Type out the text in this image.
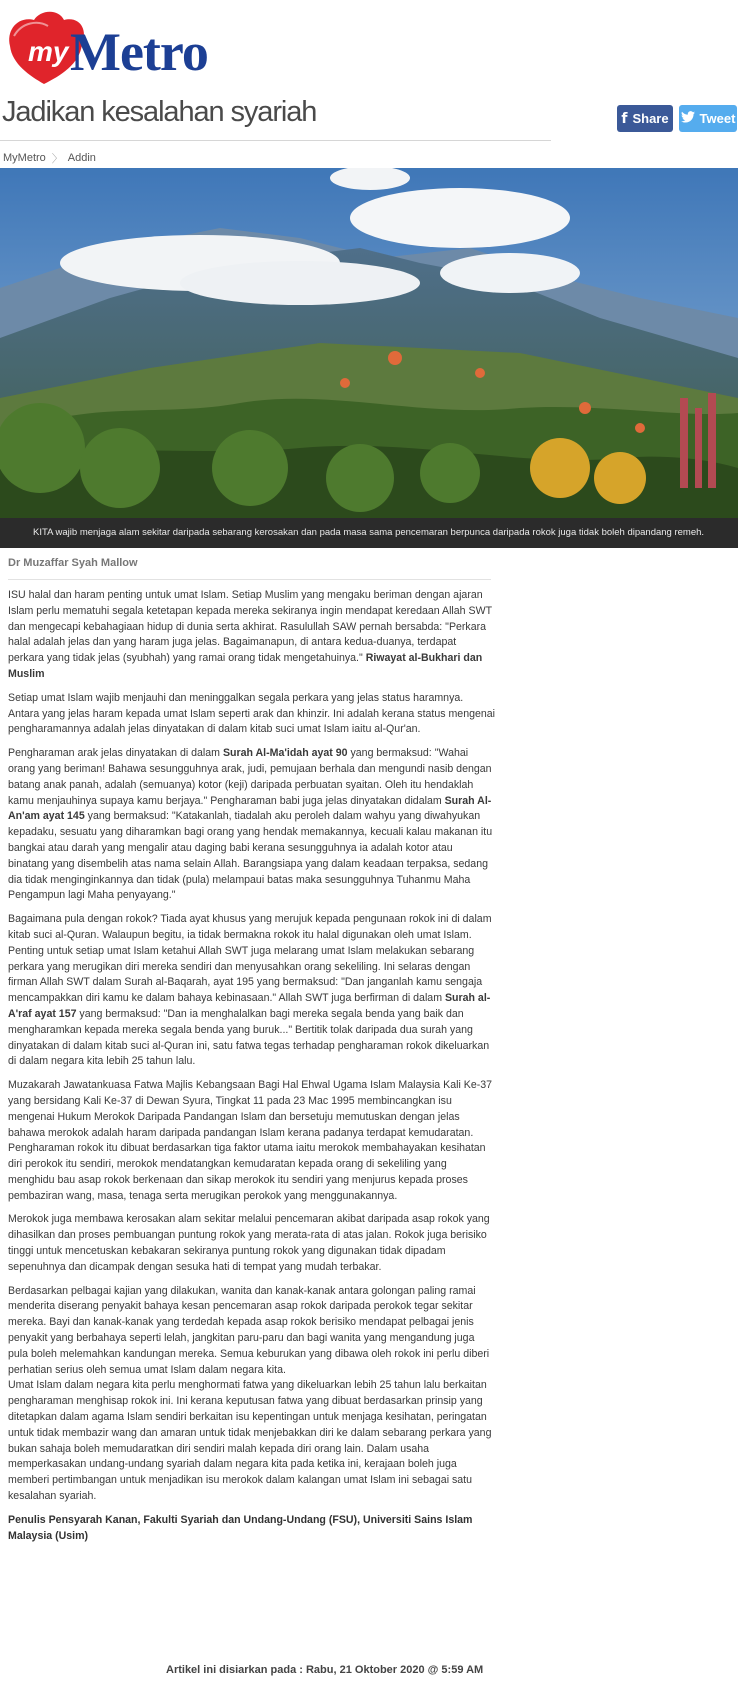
my Metro
Jadikan kesalahan syariah	f Share Tweet
MyMetro 〉 Addin
KITA wajib menjaga alam sekitar daripada sebarang kerosakan dan pada masa sama pencemaran berpunca daripada rokok juga tidak boleh dipandang remeh.
Dr Muzaffar Syah Mallow

ISU halal dan haram penting untuk umat Islam. Setiap Muslim yang mengaku beriman dengan ajaran Islam perlu mematuhi segala ketetapan kepada mereka sekiranya ingin mendapat keredaan Allah SWT dan mengecapi kebahagiaan hidup di dunia serta akhirat. Rasulullah SAW pernah bersabda: "Perkara halal adalah jelas dan yang haram juga jelas. Bagaimanapun, di antara kedua-duanya, terdapat perkara yang tidak jelas (syubhah) yang ramai orang tidak mengetahuinya." Riwayat al-Bukhari dan Muslim

Setiap umat Islam wajib menjauhi dan meninggalkan segala perkara yang jelas status haramnya. Antara yang jelas haram kepada umat Islam seperti arak dan khinzir. Ini adalah kerana status mengenai pengharamannya adalah jelas dinyatakan di dalam kitab suci umat Islam iaitu al-Qur'an.

Pengharaman arak jelas dinyatakan di dalam Surah Al-Ma'idah ayat 90 yang bermaksud: "Wahai orang yang beriman! Bahawa sesungguhnya arak, judi, pemujaan berhala dan mengundi nasib dengan batang anak panah, adalah (semuanya) kotor (keji) daripada perbuatan syaitan. Oleh itu hendaklah kamu menjauhinya supaya kamu berjaya." Pengharaman babi juga jelas dinyatakan didalam Surah Al-An'am ayat 145 yang bermaksud: "Katakanlah, tiadalah aku peroleh dalam wahyu yang diwahyukan kepadaku, sesuatu yang diharamkan bagi orang yang hendak memakannya, kecuali kalau makanan itu bangkai atau darah yang mengalir atau daging babi kerana sesungguhnya ia adalah kotor atau binatang yang disembelih atas nama selain Allah. Barangsiapa yang dalam keadaan terpaksa, sedang dia tidak menginginkannya dan tidak (pula) melampaui batas maka sesungguhnya Tuhanmu Maha Pengampun lagi Maha penyayang."

Bagaimana pula dengan rokok? Tiada ayat khusus yang merujuk kepada pengunaan rokok ini di dalam kitab suci al-Quran. Walaupun begitu, ia tidak bermakna rokok itu halal digunakan oleh umat Islam. Penting untuk setiap umat Islam ketahui Allah SWT juga melarang umat Islam melakukan sebarang perkara yang merugikan diri mereka sendiri dan menyusahkan orang sekeliling. Ini selaras dengan firman Allah SWT dalam Surah al-Baqarah, ayat 195 yang bermaksud: "Dan janganlah kamu sengaja mencampakkan diri kamu ke dalam bahaya kebinasaan." Allah SWT juga berfirman di dalam Surah al-A'raf ayat 157 yang bermaksud: "Dan ia menghalalkan bagi mereka segala benda yang baik dan mengharamkan kepada mereka segala benda yang buruk..." Bertitik tolak daripada dua surah yang dinyatakan di dalam kitab suci al-Quran ini, satu fatwa tegas terhadap pengharaman rokok dikeluarkan di dalam negara kita lebih 25 tahun lalu.

Muzakarah Jawatankuasa Fatwa Majlis Kebangsaan Bagi Hal Ehwal Ugama Islam Malaysia Kali Ke-37 yang bersidang Kali Ke-37 di Dewan Syura, Tingkat 11 pada 23 Mac 1995 membincangkan isu mengenai Hukum Merokok Daripada Pandangan Islam dan bersetuju memutuskan dengan jelas bahawa merokok adalah haram daripada pandangan Islam kerana padanya terdapat kemudaratan. Pengharaman rokok itu dibuat berdasarkan tiga faktor utama iaitu merokok membahayakan kesihatan diri perokok itu sendiri, merokok mendatangkan kemudaratan kepada orang di sekeliling yang menghidu bau asap rokok berkenaan dan sikap merokok itu sendiri yang menjurus kepada proses pembaziran wang, masa, tenaga serta merugikan perokok yang menggunakannya.

Merokok juga membawa kerosakan alam sekitar melalui pencemaran akibat daripada asap rokok yang dihasilkan dan proses pembuangan puntung rokok yang merata-rata di atas jalan. Rokok juga berisiko tinggi untuk mencetuskan kebakaran sekiranya puntung rokok yang digunakan tidak dipadam sepenuhnya dan dicampak dengan sesuka hati di tempat yang mudah terbakar.

Berdasarkan pelbagai kajian yang dilakukan, wanita dan kanak-kanak antara golongan paling ramai menderita diserang penyakit bahaya kesan pencemaran asap rokok daripada perokok tegar sekitar mereka. Bayi dan kanak-kanak yang terdedah kepada asap rokok berisiko mendapat pelbagai jenis penyakit yang berbahaya seperti lelah, jangkitan paru-paru dan bagi wanita yang mengandung juga pula boleh melemahkan kandungan mereka. Semua keburukan yang dibawa oleh rokok ini perlu diberi perhatian serius oleh semua umat Islam dalam negara kita.

Umat Islam dalam negara kita perlu menghormati fatwa yang dikeluarkan lebih 25 tahun lalu berkaitan pengharaman menghisap rokok ini. Ini kerana keputusan fatwa yang dibuat berdasarkan prinsip yang ditetapkan dalam agama Islam sendiri berkaitan isu kepentingan untuk menjaga kesihatan, peringatan untuk tidak membazir wang dan amaran untuk tidak menjebakkan diri ke dalam sebarang perkara yang bukan sahaja boleh memudaratkan diri sendiri malah kepada diri orang lain. Dalam usaha memperkasakan undang-undang syariah dalam negara kita pada ketika ini, kerajaan boleh juga memberi pertimbangan untuk menjadikan isu merokok dalam kalangan umat Islam ini sebagai satu kesalahan syariah.

Penulis Pensyarah Kanan, Fakulti Syariah dan Undang-Undang (FSU), Universiti Sains Islam Malaysia (Usim)

Artikel ini disiarkan pada : Rabu, 21 Oktober 2020 @ 5:59 AM
